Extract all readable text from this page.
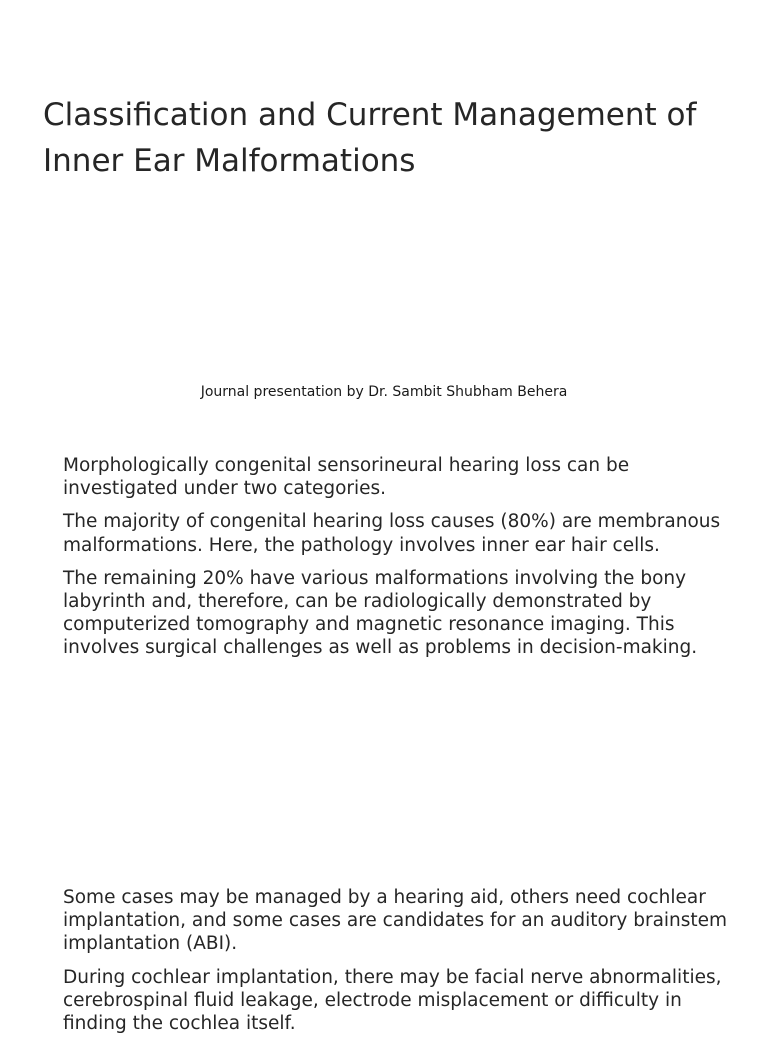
Classification and Current Management of
Inner Ear Malformations
Journal presentation by Dr. Sambit Shubham Behera

Morphologically congenital sensorineural hearing loss can be investigated under two categories.

The majority of congenital hearing loss causes (80%) are membranous malformations. Here, the pathology involves inner ear hair cells.

The remaining 20% have various malformations involving the bony labyrinth and, therefore, can be radiologically demonstrated by computerized tomography and magnetic resonance imaging. This involves surgical challenges as well as problems in decision-making.

Some cases may be managed by a hearing aid, others need cochlear implantation, and some cases are candidates for an auditory brainstem implantation (ABI).

During cochlear implantation, there may be facial nerve abnormalities, cerebrospinal fluid leakage, electrode misplacement or difficulty in finding the cochlea itself.
